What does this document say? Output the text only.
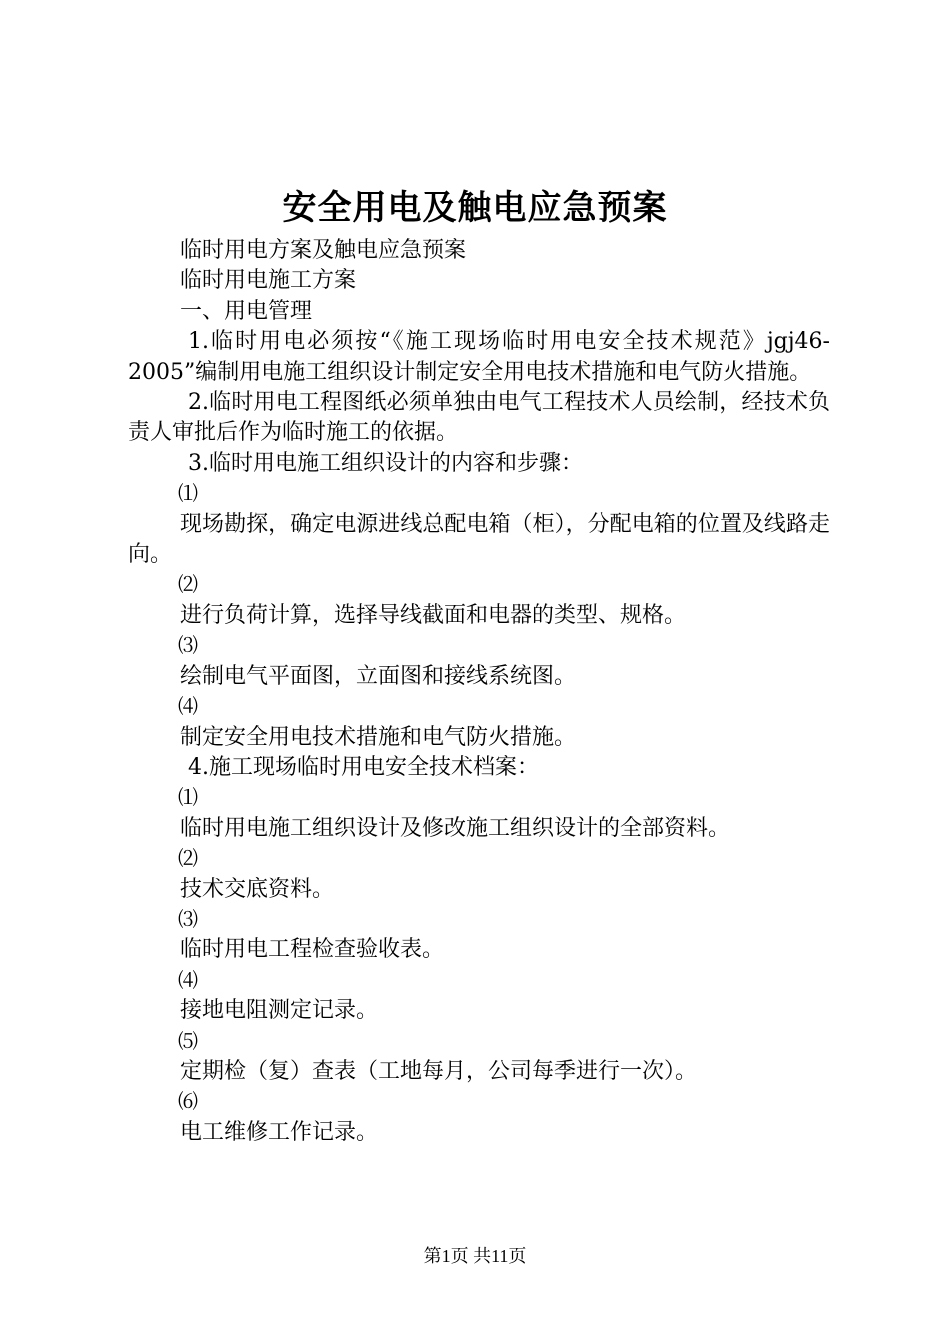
安全用电及触电应急预案

临时用电方案及触电应急预案

临时用电施工方案

一、用电管理

1.临时用电必须按“《施工现场临时用电安全技术规范》jgj46-2005”编制用电施工组织设计制定安全用电技术措施和电气防火措施。

2.临时用电工程图纸必须单独由电气工程技术人员绘制，经技术负责人审批后作为临时施工的依据。

3.临时用电施工组织设计的内容和步骤：

⑴

现场勘探，确定电源进线总配电箱（柜），分配电箱的位置及线路走向。

⑵

进行负荷计算，选择导线截面和电器的类型、规格。

⑶

绘制电气平面图，立面图和接线系统图。

⑷

制定安全用电技术措施和电气防火措施。

4.施工现场临时用电安全技术档案：

⑴

临时用电施工组织设计及修改施工组织设计的全部资料。

⑵

技术交底资料。

⑶

临时用电工程检查验收表。

⑷

接地电阻测定记录。

⑸

定期检（复）查表（工地每月，公司每季进行一次）。

⑹

电工维修工作记录。

第1页 共11页
